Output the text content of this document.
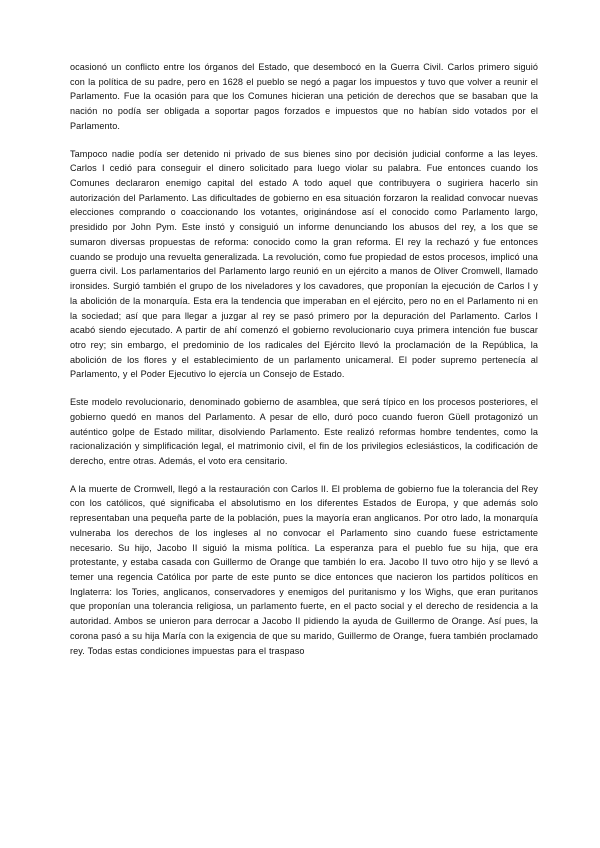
ocasionó un conflicto entre los órganos del Estado, que desembocó en la Guerra Civil. Carlos primero siguió con la política de su padre, pero en 1628 el pueblo se negó a pagar los impuestos y tuvo que volver a reunir el Parlamento. Fue la ocasión para que los Comunes hicieran una petición de derechos que se basaban que la nación no podía ser obligada a soportar pagos forzados e impuestos que no habían sido votados por el Parlamento.

Tampoco nadie podía ser detenido ni privado de sus bienes sino por decisión judicial conforme a las leyes. Carlos I cedió para conseguir el dinero solicitado para luego violar su palabra. Fue entonces cuando los Comunes declararon enemigo capital del estado A todo aquel que contribuyera o sugiriera hacerlo sin autorización del Parlamento. Las dificultades de gobierno en esa situación forzaron la realidad convocar nuevas elecciones comprando o coaccionando los votantes, originándose así el conocido como Parlamento largo, presidido por John Pym. Este instó y consiguió un informe denunciando los abusos del rey, a los que se sumaron diversas propuestas de reforma: conocido como la gran reforma. El rey la rechazó y fue entonces cuando se produjo una revuelta generalizada. La revolución, como fue propiedad de estos procesos, implicó una guerra civil. Los parlamentarios del Parlamento largo reunió en un ejército a manos de Oliver Cromwell, llamado ironsides. Surgió también el grupo de los niveladores y los cavadores, que proponían la ejecución de Carlos I y la abolición de la monarquía. Esta era la tendencia que imperaban en el ejército, pero no en el Parlamento ni en la sociedad; así que para llegar a juzgar al rey se pasó primero por la depuración del Parlamento. Carlos I acabó siendo ejecutado. A partir de ahí comenzó el gobierno revolucionario cuya primera intención fue buscar otro rey; sin embargo, el predominio de los radicales del Ejército llevó la proclamación de la República, la abolición de los flores y el establecimiento de un parlamento unicameral. El poder supremo pertenecía al Parlamento, y el Poder Ejecutivo lo ejercía un Consejo de Estado.

Este modelo revolucionario, denominado gobierno de asamblea, que será típico en los procesos posteriores, el gobierno quedó en manos del Parlamento. A pesar de ello, duró poco cuando fueron Güell protagonizó un auténtico golpe de Estado militar, disolviendo Parlamento. Este realizó reformas hombre tendentes, como la racionalización y simplificación legal, el matrimonio civil, el fin de los privilegios eclesiásticos, la codificación de derecho, entre otras. Además, el voto era censitario.

A la muerte de Cromwell, llegó a la restauración con Carlos II. El problema de gobierno fue la tolerancia del Rey con los católicos, qué significaba el absolutismo en los diferentes Estados de Europa, y que además solo representaban una pequeña parte de la población, pues la mayoría eran anglicanos. Por otro lado, la monarquía vulneraba los derechos de los ingleses al no convocar el Parlamento sino cuando fuese estrictamente necesario. Su hijo, Jacobo II siguió la misma política. La esperanza para el pueblo fue su hija, que era protestante, y estaba casada con Guillermo de Orange que también lo era. Jacobo II tuvo otro hijo y se llevó a temer una regencia Católica por parte de este punto se dice entonces que nacieron los partidos políticos en Inglaterra: los Tories, anglicanos, conservadores y enemigos del puritanismo y los Wighs, que eran puritanos que proponían una tolerancia religiosa, un parlamento fuerte, en el pacto social y el derecho de residencia a la autoridad. Ambos se unieron para derrocar a Jacobo II pidiendo la ayuda de Guillermo de Orange. Así pues, la corona pasó a su hija María con la exigencia de que su marido, Guillermo de Orange, fuera también proclamado rey. Todas estas condiciones impuestas para el traspaso
